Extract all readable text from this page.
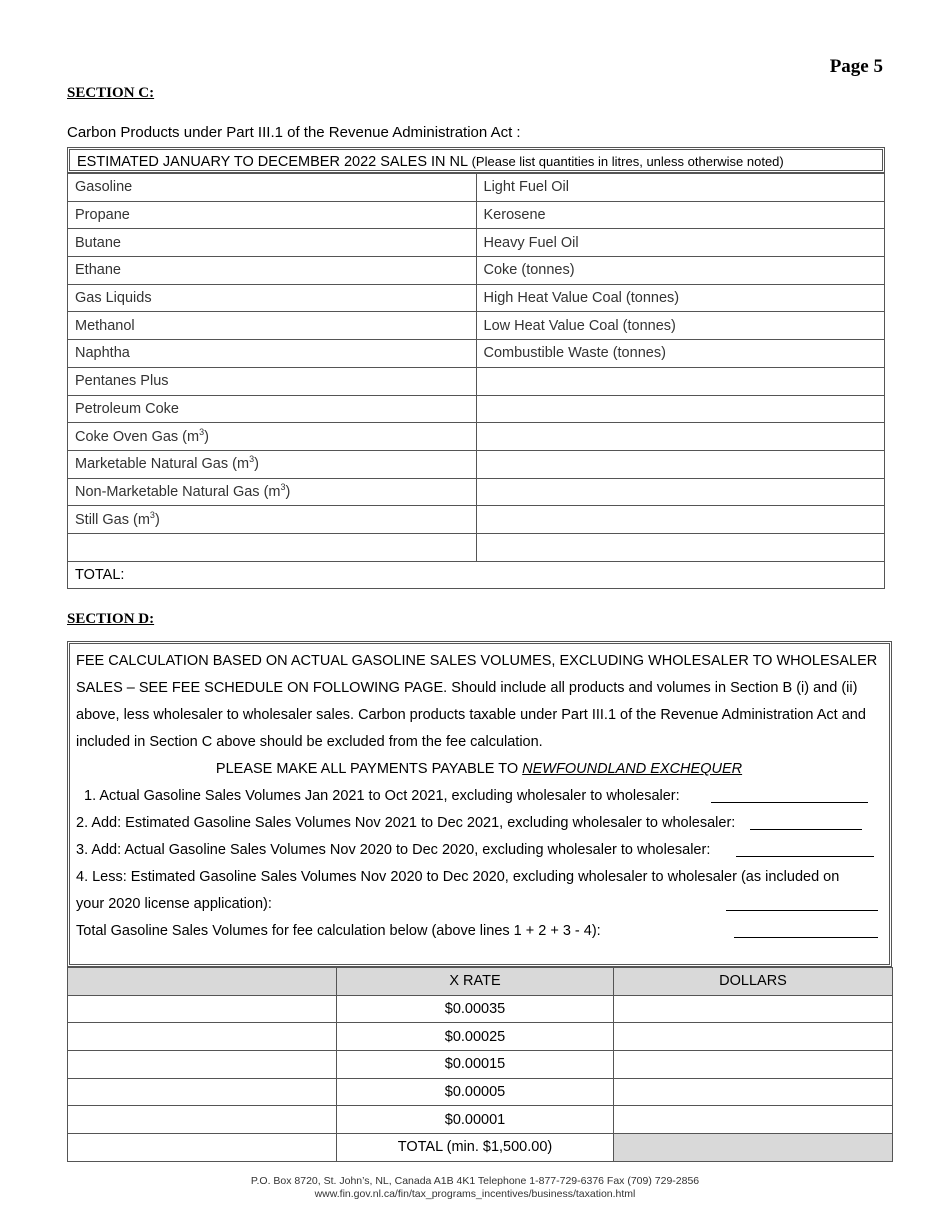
Page 5
SECTION C:
Carbon Products under Part III.1 of the Revenue Administration Act :
ESTIMATED JANUARY TO DECEMBER 2022 SALES IN NL (Please list quantities in litres, unless otherwise noted)
Gasoline	Light Fuel Oil
Propane	Kerosene
Butane	Heavy Fuel Oil
Ethane	Coke (tonnes)
Gas Liquids	High Heat Value Coal (tonnes)
Methanol	Low Heat Value Coal (tonnes)
Naphtha	Combustible Waste (tonnes)
Pentanes Plus	
Petroleum Coke	
Coke Oven Gas $(m^3)$	
Marketable Natural Gas $(m^3)$	
Non-Marketable Natural Gas $(m^3)$	
Still Gas $(m^3)$	

TOTAL:	
SECTION D:

FEE CALCULATION BASED ON ACTUAL GASOLINE SALES VOLUMES, EXCLUDING WHOLESALER TO WHOLESALER SALES – SEE FEE SCHEDULE ON FOLLOWING PAGE. Should include all products and volumes in Section B (i) and (ii) above, less wholesaler to wholesaler sales. Carbon products taxable under Part III.1 of the Revenue Administration Act and included in Section C above should be excluded from the fee calculation.

PLEASE MAKE ALL PAYMENTS PAYABLE TO NEWFOUNDLAND EXCHEQUER

1. Actual Gasoline Sales Volumes Jan 2021 to Oct 2021, excluding wholesaler to wholesaler:
2. Add: Estimated Gasoline Sales Volumes Nov 2021 to Dec 2021, excluding wholesaler to wholesaler:
3. Add: Actual Gasoline Sales Volumes Nov 2020 to Dec 2020, excluding wholesaler to wholesaler:
4. Less: Estimated Gasoline Sales Volumes Nov 2020 to Dec 2020, excluding wholesaler to wholesaler (as included on
your 2020 license application):
Total Gasoline Sales Volumes for fee calculation below (above lines 1 + 2 + 3 - 4):
	X RATE	DOLLARS
	$0.00035	
	$0.00025	
	$0.00015	
	$0.00005	
	$0.00001	
	TOTAL (min. $1,500.00)	
P.O. Box 8720, St. John’s, NL, Canada A1B 4K1 Telephone 1-877-729-6376 Fax (709) 729-2856
www.fin.gov.nl.ca/fin/tax_programs_incentives/business/taxation.html
